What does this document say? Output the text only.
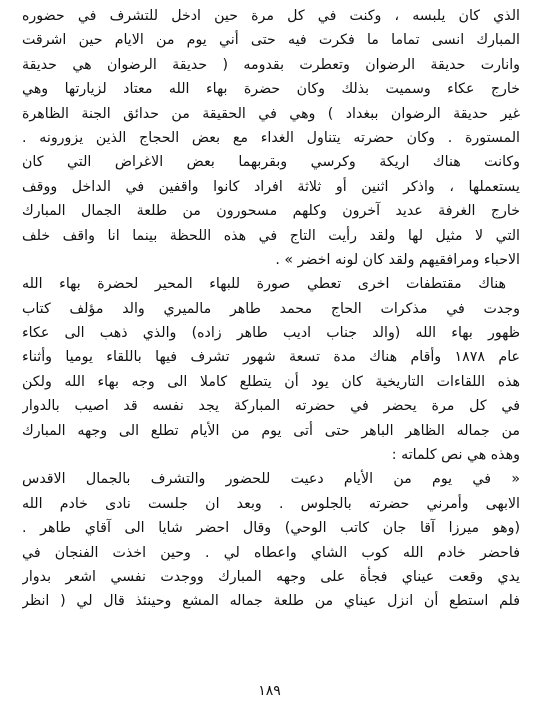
الذي كان يلبسه ، وكنت في كل مرة حين ادخل للتشرف في حضوره
المبارك انسى تماما ما فكرت فيه حتى أني يوم من الايام حين اشرقت
وانارت حديقة الرضوان وتعطرت بقدومه ( حديقة الرضوان هي حديقة
خارج عكاء وسميت بذلك وكان حضرة بهاء الله معتاد لزيارتها وهي
غير حديقة الرضوان ببغداد ) وهي في الحقيقة من حدائق الجنة الظاهرة
المستورة . وكان حضرته يتناول الغداء مع بعض الحجاج الذين يزورونه .
وكانت هناك اريكة وكرسي وبقربهما بعض الاغراض التي كان
يستعملها ، واذكر اثنين أو ثلاثة افراد كانوا واقفين في الداخل ووقف
خارج الغرفة عديد آخرون وكلهم مسحورون من طلعة الجمال المبارك
التي لا مثيل لها ولقد رأيت التاج في هذه اللحظة بينما انا واقف خلف
الاحباء ومرافقيهم ولقد كان لونه اخضر » .
هناك مقتطفات اخرى تعطي صورة للبهاء المحير لحضرة بهاء الله
وجدت في مذكرات الحاج محمد طاهر مالميري والد مؤلف كتاب
ظهور بهاء الله (والد جناب اديب طاهر زاده) والذي ذهب الى عكاء
عام ١٨٧٨ وأقام هناك مدة تسعة شهور تشرف فيها باللقاء يوميا وأثناء
هذه اللقاءات التاريخية كان يود أن يتطلع كاملا الى وجه بهاء الله ولكن
في كل مرة يحضر في حضرته المباركة يجد نفسه قد اصيب بالدوار
من جماله الظاهر الباهر حتى أتى يوم من الأيام تطلع الى وجهه المبارك
وهذه هي نص كلماته :
« في يوم من الأيام دعيت للحضور والتشرف بالجمال الاقدس
الابهى وأمرني حضرته بالجلوس . وبعد ان جلست نادى خادم الله
(وهو ميرزا آقا جان كاتب الوحي) وقال احضر شايا الى آقاي طاهر .
فاحضر خادم الله كوب الشاي واعطاه لي . وحين اخذت الفنجان في
يدي وقعت عيناي فجأة على وجهه المبارك ووجدت نفسي اشعر بدوار
فلم استطع أن انزل عيناي من طلعة جماله المشع وحينئذ قال لي ( انظر
١٨٩
